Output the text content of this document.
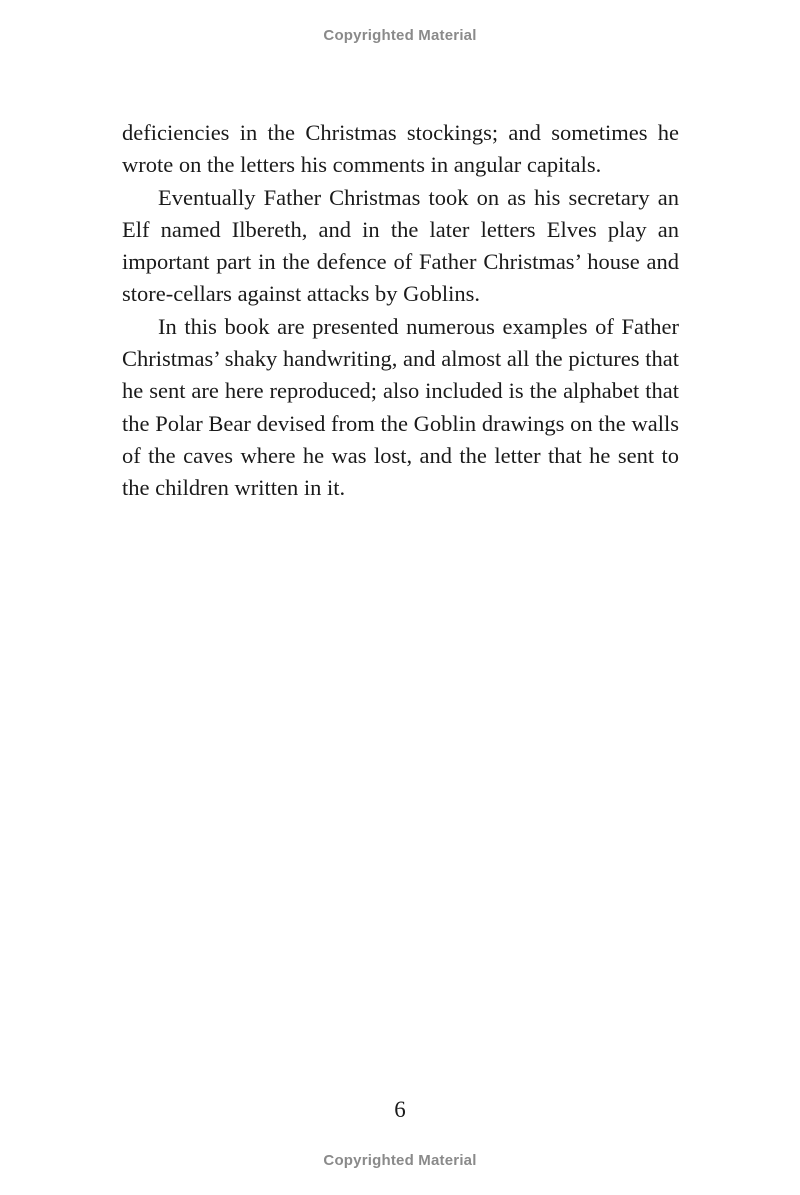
Copyrighted Material

deficiencies in the Christmas stockings; and sometimes he wrote on the letters his comments in angular capitals.

Eventually Father Christmas took on as his secretary an Elf named Ilbereth, and in the later letters Elves play an important part in the defence of Father Christmas’ house and store-cellars against attacks by Goblins.

In this book are presented numerous examples of Father Christmas’ shaky handwriting, and almost all the pictures that he sent are here reproduced; also included is the alphabet that the Polar Bear devised from the Goblin drawings on the walls of the caves where he was lost, and the letter that he sent to the children written in it.

6
Copyrighted Material
